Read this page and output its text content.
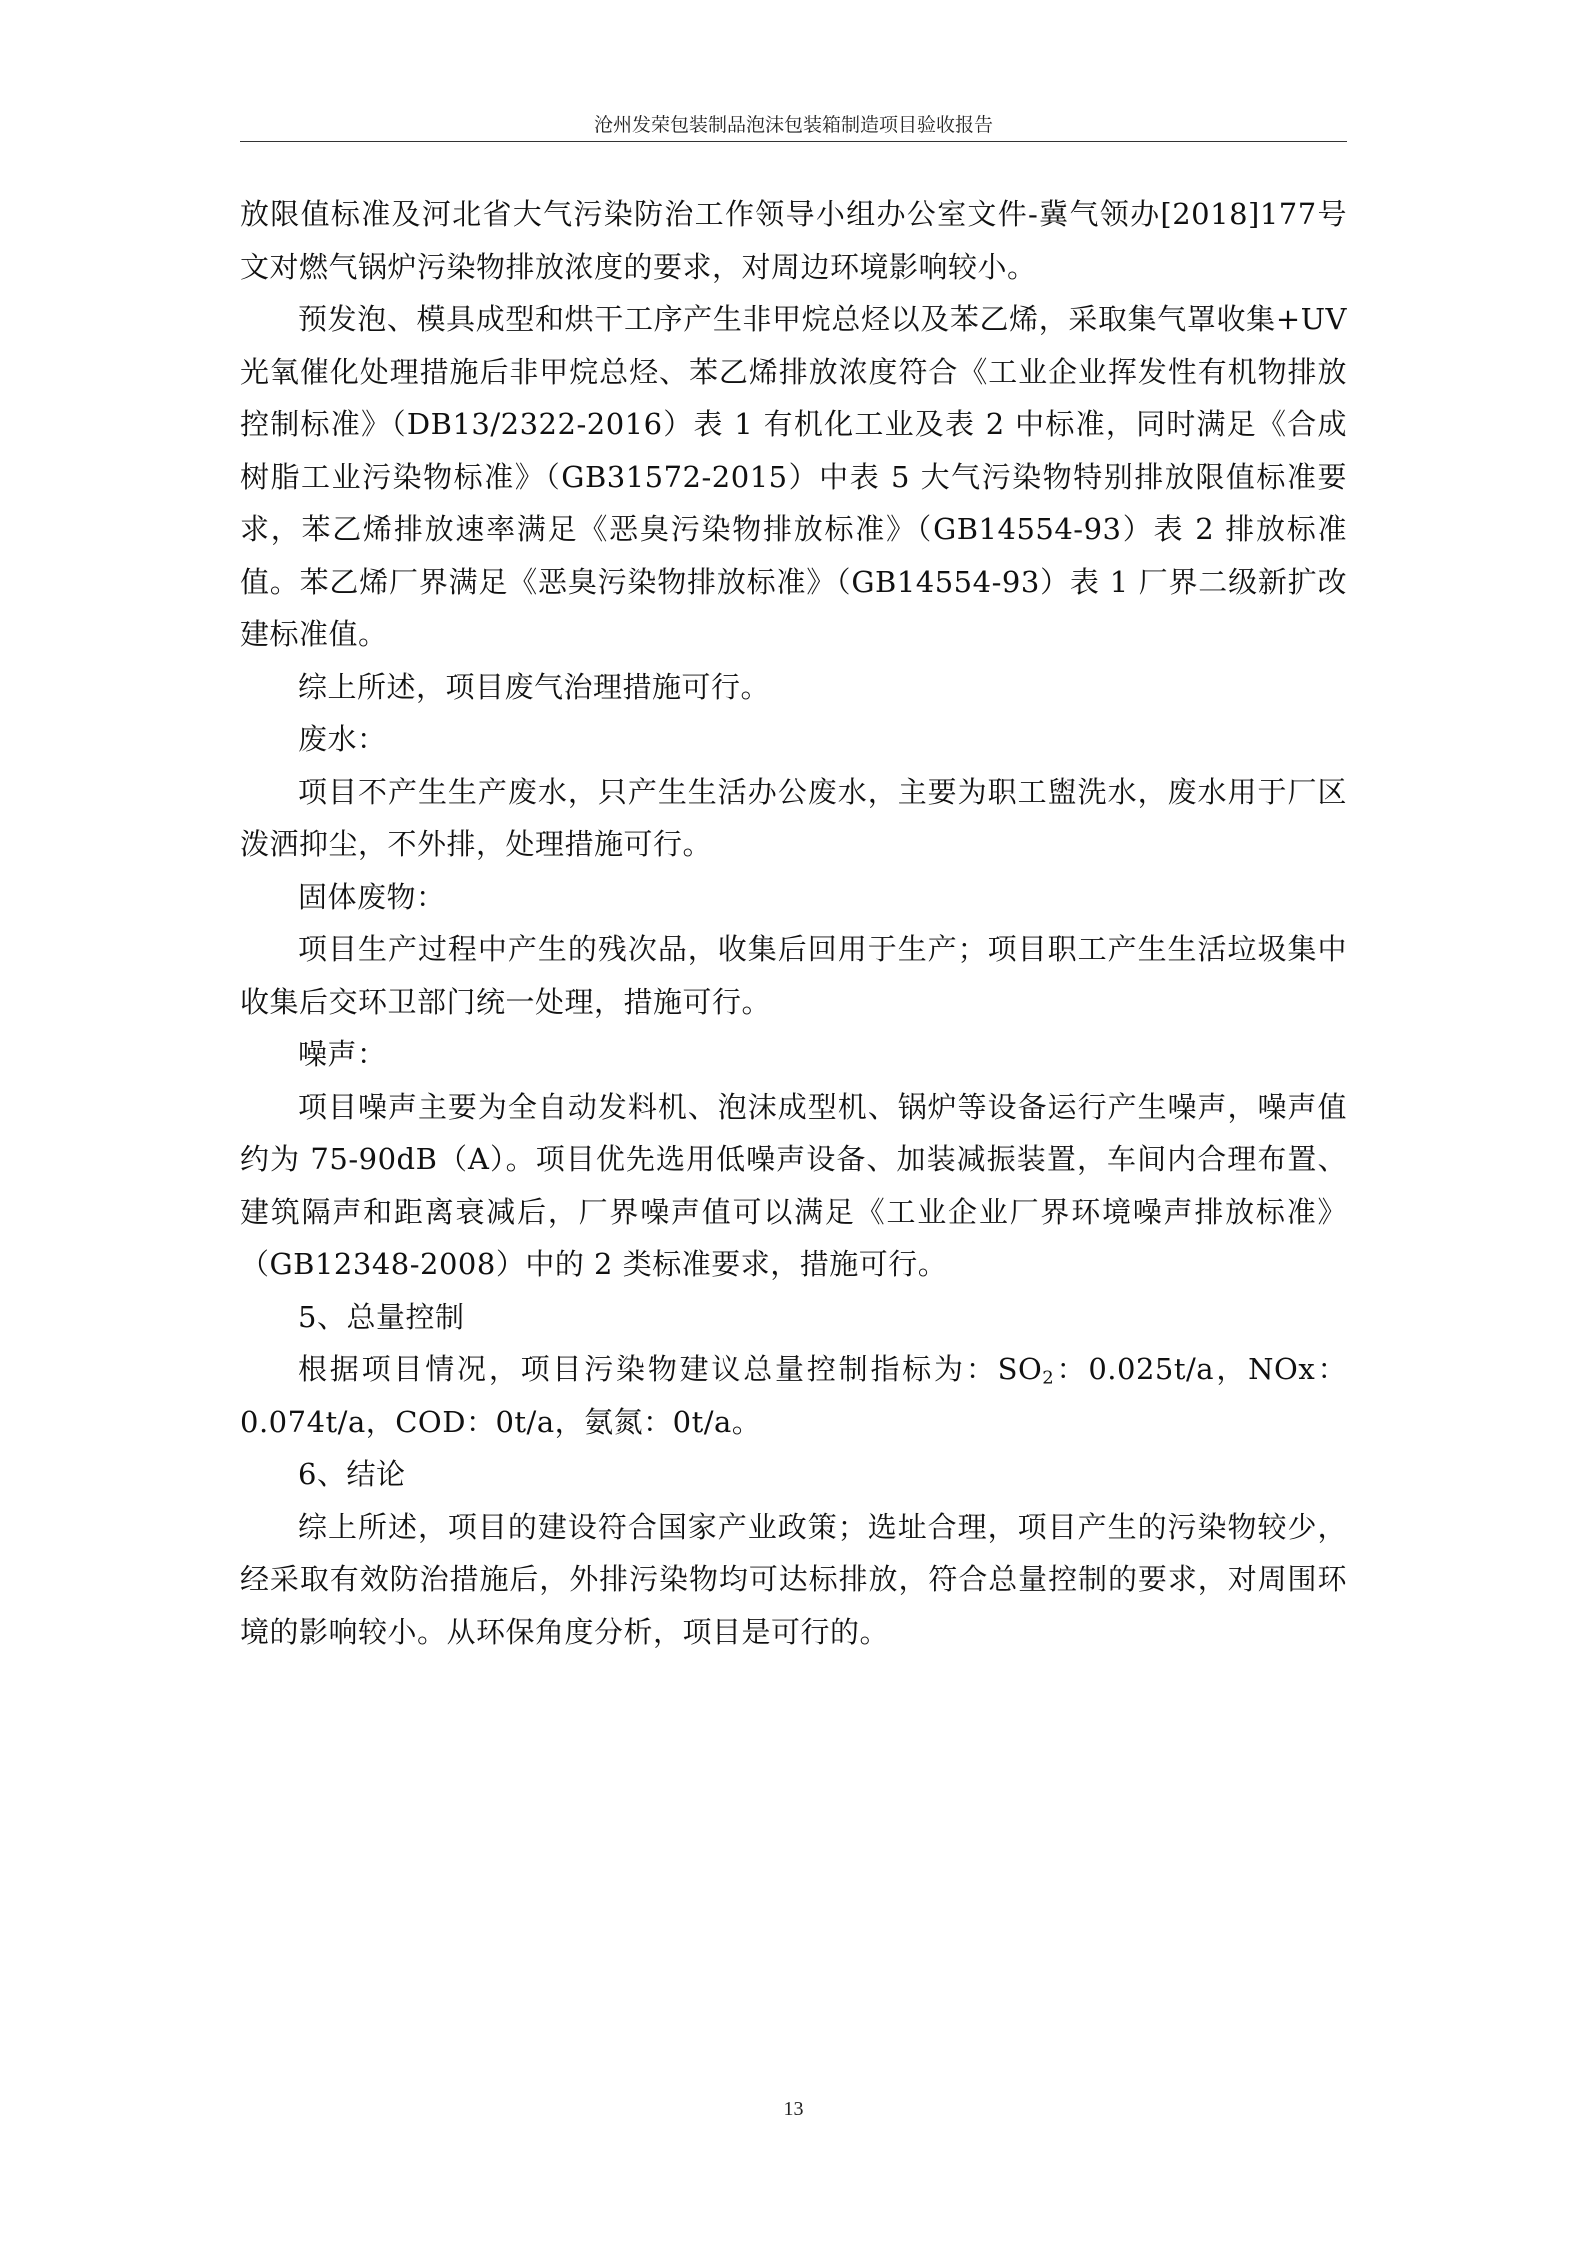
沧州发荣包装制品泡沫包装箱制造项目验收报告

放限值标准及河北省大气污染防治工作领导小组办公室文件-冀气领办[2018]177号文对燃气锅炉污染物排放浓度的要求，对周边环境影响较小。

预发泡、模具成型和烘干工序产生非甲烷总烃以及苯乙烯，采取集气罩收集+UV 光氧催化处理措施后非甲烷总烃、苯乙烯排放浓度符合《工业企业挥发性有机物排放控制标准》（DB13/2322-2016）表 1 有机化工业及表 2 中标准，同时满足《合成树脂工业污染物标准》（GB31572-2015）中表 5 大气污染物特别排放限值标准要求，苯乙烯排放速率满足《恶臭污染物排放标准》（GB14554-93）表 2 排放标准值。苯乙烯厂界满足《恶臭污染物排放标准》（GB14554-93）表 1 厂界二级新扩改建标准值。

综上所述，项目废气治理措施可行。

废水：

项目不产生生产废水，只产生生活办公废水，主要为职工盥洗水，废水用于厂区泼洒抑尘，不外排，处理措施可行。

固体废物：

项目生产过程中产生的残次品，收集后回用于生产；项目职工产生生活垃圾集中收集后交环卫部门统一处理，措施可行。

噪声：

项目噪声主要为全自动发料机、泡沫成型机、锅炉等设备运行产生噪声，噪声值约为 75-90dB（A）。项目优先选用低噪声设备、加装减振装置，车间内合理布置、建筑隔声和距离衰减后，厂界噪声值可以满足《工业企业厂界环境噪声排放标准》（GB12348-2008）中的 2 类标准要求，措施可行。

5、总量控制

根据项目情况，项目污染物建议总量控制指标为：$SO_2$：0.025t/a，NOx：0.074t/a，COD：0t/a，氨氮：0t/a。

6、结论

综上所述，项目的建设符合国家产业政策；选址合理，项目产生的污染物较少，经采取有效防治措施后，外排污染物均可达标排放，符合总量控制的要求，对周围环境的影响较小。从环保角度分析，项目是可行的。

13
